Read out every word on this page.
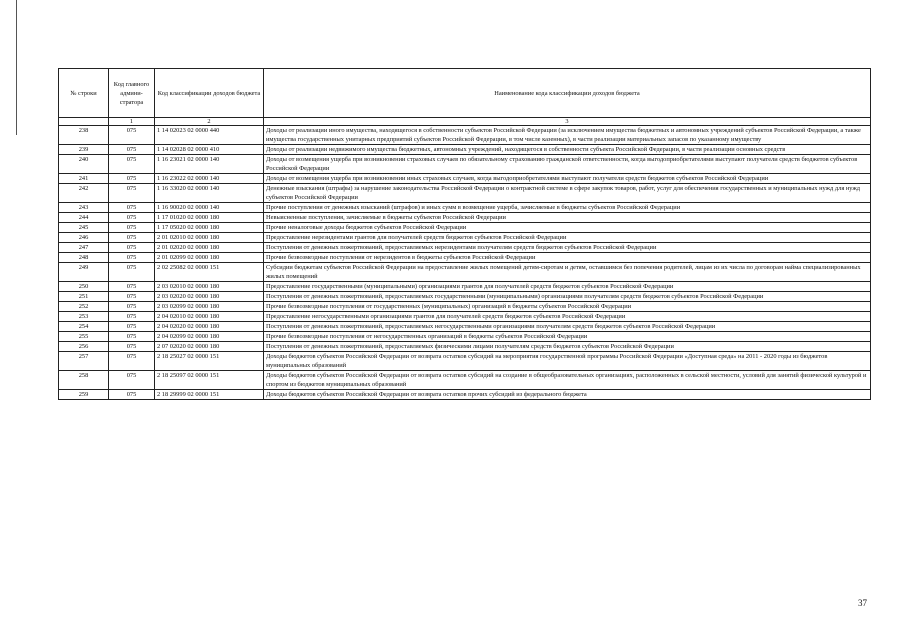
№ строки	Код главного админи-стратора	Код классификации доходов бюджета	Наименование кода классификации доходов бюджета
	1	2	3
238	075	1 14 02023 02 0000 440	Доходы от реализации иного имущества, находящегося в собственности субъектов Российской Федерации (за исключением имущества бюджетных и автономных учреждений субъектов Российской Федерации, а также имущества государственных унитарных предприятий субъектов Российской Федерации, в том числе казенных), в части реализации материальных запасов по указанному имуществу
239	075	1 14 02028 02 0000 410	Доходы от реализации недвижимого имущества бюджетных, автономных учреждений, находящегося в собственности субъекта Российской Федерации, в части реализации основных средств
240	075	1 16 23021 02 0000 140	Доходы от возмещения ущерба при возникновении страховых случаев по обязательному страхованию гражданской ответственности, когда выгодоприобретателями выступают получатели средств бюджетов субъектов Российской Федерации
241	075	1 16 23022 02 0000 140	Доходы от возмещения ущерба при возникновении иных страховых случаев, когда выгодоприобретателями выступают получатели средств бюджетов субъектов Российской Федерации
242	075	1 16 33020 02 0000 140	Денежные взыскания (штрафы) за нарушение законодательства Российской Федерации о контрактной системе в сфере закупок товаров, работ, услуг для обеспечения государственных и муниципальных нужд для нужд субъектов Российской Федерации
243	075	1 16 90020 02 0000 140	Прочие поступления от денежных взысканий (штрафов) и иных сумм в возмещение ущерба, зачисляемые в бюджеты субъектов Российской Федерации
244	075	1 17 01020 02 0000 180	Невыясненные поступления, зачисляемые в бюджеты субъектов Российской Федерации
245	075	1 17 05020 02 0000 180	Прочие неналоговые доходы бюджетов субъектов Российской Федерации
246	075	2 01 02010 02 0000 180	Предоставление нерезидентами грантов для получателей средств бюджетов субъектов Российской Федерации
247	075	2 01 02020 02 0000 180	Поступления от денежных пожертвований, предоставляемых нерезидентами получателям средств бюджетов субъектов Российской Федерации
248	075	2 01 02099 02 0000 180	Прочие безвозмездные поступления от нерезидентов в бюджеты субъектов Российской Федерации
249	075	2 02 25082 02 0000 151	Субсидии бюджетам субъектов Российской Федерации на предоставление жилых помещений детям-сиротам и детям, оставшимся без попечения родителей, лицам из их числа по договорам найма специализированных жилых помещений
250	075	2 03 02010 02 0000 180	Предоставление государственными (муниципальными) организациями грантов для получателей средств бюджетов субъектов Российской Федерации
251	075	2 03 02020 02 0000 180	Поступления от денежных пожертвований, предоставляемых государственными (муниципальными) организациями получателям средств бюджетов субъектов Российской Федерации
252	075	2 03 02099 02 0000 180	Прочие безвозмездные поступления от государственных (муниципальных) организаций в бюджеты субъектов Российской Федерации
253	075	2 04 02010 02 0000 180	Предоставление негосударственными организациями грантов для получателей средств бюджетов субъектов Российской Федерации
254	075	2 04 02020 02 0000 180	Поступления от денежных пожертвований, предоставляемых негосударственными организациями получателям средств бюджетов субъектов Российской Федерации
255	075	2 04 02099 02 0000 180	Прочие безвозмездные поступления от негосударственных организаций в бюджеты субъектов Российской Федерации
256	075	2 07 02020 02 0000 180	Поступления от денежных пожертвований, предоставляемых физическими лицами получателям средств бюджетов субъектов Российской Федерации
257	075	2 18 25027 02 0000 151	Доходы бюджетов субъектов Российской Федерации от возврата остатков субсидий на мероприятия государственной программы Российской Федерации «Доступная среда» на 2011 - 2020 годы из бюджетов муниципальных образований
258	075	2 18 25097 02 0000 151	Доходы бюджетов субъектов Российской Федерации от возврата остатков субсидий на создание в общеобразовательных организациях, расположенных в сельской местности, условий для занятий физической культурой и спортом из бюджетов муниципальных образований
259	075	2 18 29999 02 0000 151	Доходы бюджетов субъектов Российской Федерации от возврата остатков прочих субсидий из федерального бюджета
37
